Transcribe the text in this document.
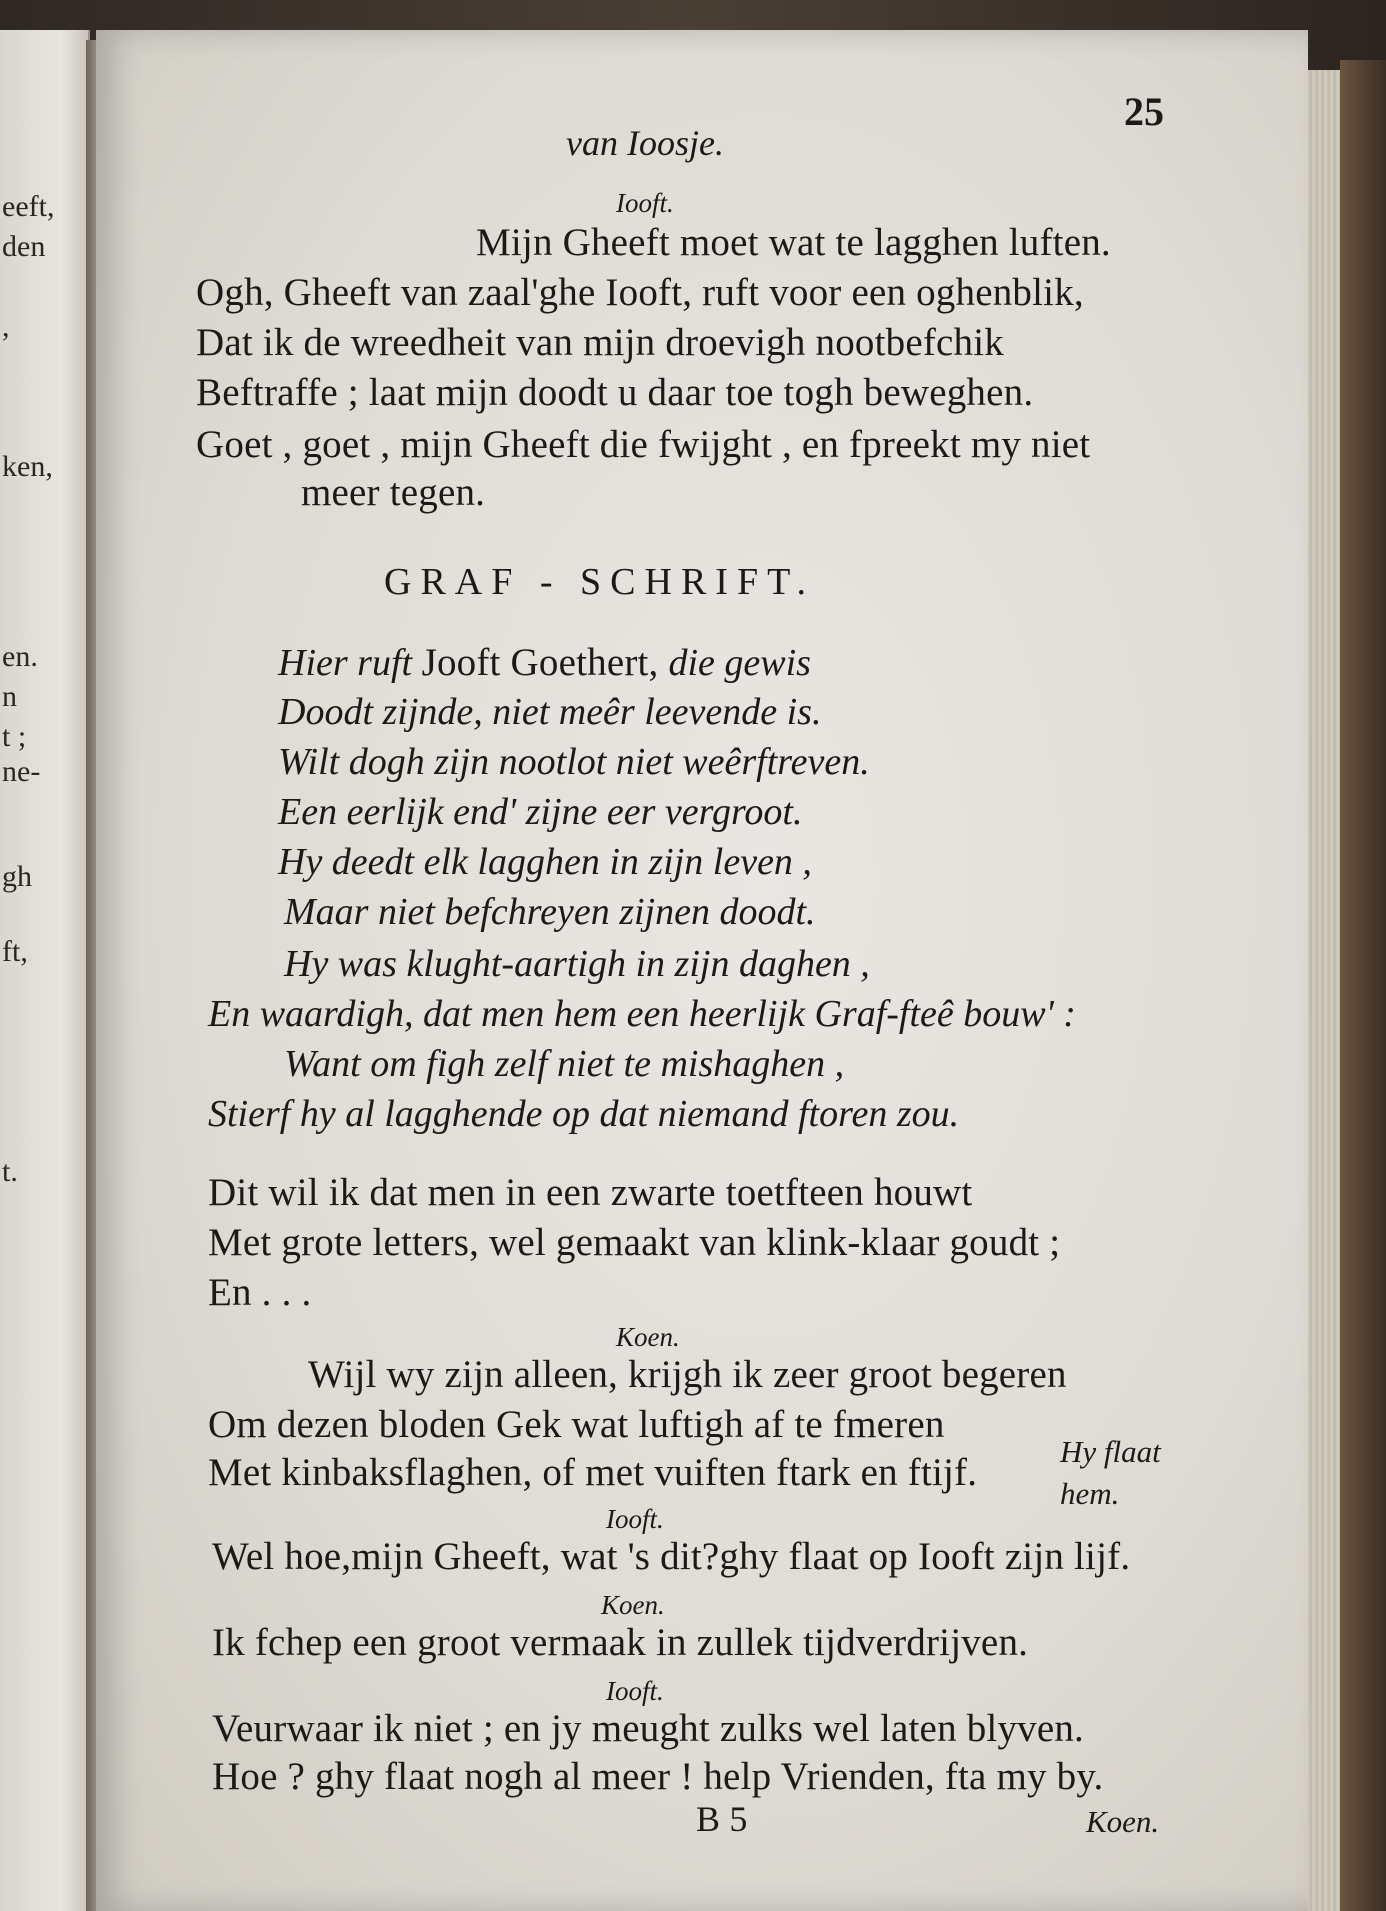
eeft,
den
,
ken,
en.
n
t ;
ne-
gh
ft,
t.
van Ioosje.
25
Iooft.
Mijn Gheeft moet wat te lagghen luften.
Ogh, Gheeft van zaal'ghe Iooft, ruft voor een oghenblik,
Dat ik de wreedheit van mijn droevigh nootbefchik
Beftraffe ; laat mijn doodt u daar toe togh beweghen.
Goet , goet , mijn Gheeft die fwijght , en fpreekt my niet
meer tegen.
GRAF - SCHRIFT.
Hier ruft Jooft Goethert, die gewis
Doodt zijnde, niet meêr leevende is.
Wilt dogh zijn nootlot niet weêrftreven.
Een eerlijk end' zijne eer vergroot.
Hy deedt elk lagghen in zijn leven ,
Maar niet befchreyen zijnen doodt.
Hy was klught-aartigh in zijn daghen ,
En waardigh, dat men hem een heerlijk Graf-fteê bouw' :
Want om figh zelf niet te mishaghen ,
Stierf hy al lagghende op dat niemand ftoren zou.
Dit wil ik dat men in een zwarte toetfteen houwt
Met grote letters, wel gemaakt van klink-klaar goudt ;
En . . .
Koen.
Wijl wy zijn alleen, krijgh ik zeer groot begeren
Om dezen bloden Gek wat luftigh af te fmeren
Met kinbaksflaghen, of met vuiften ftark en ftijf.	Hy flaat
hem.
Iooft.
Wel hoe,mijn Gheeft, wat 's dit?ghy flaat op Iooft zijn lijf.
Koen.
Ik fchep een groot vermaak in zullek tijdverdrijven.
Iooft.
Veurwaar ik niet ; en jy meught zulks wel laten blyven.
Hoe ? ghy flaat nogh al meer ! help Vrienden, fta my by.
B 5	Koen.
